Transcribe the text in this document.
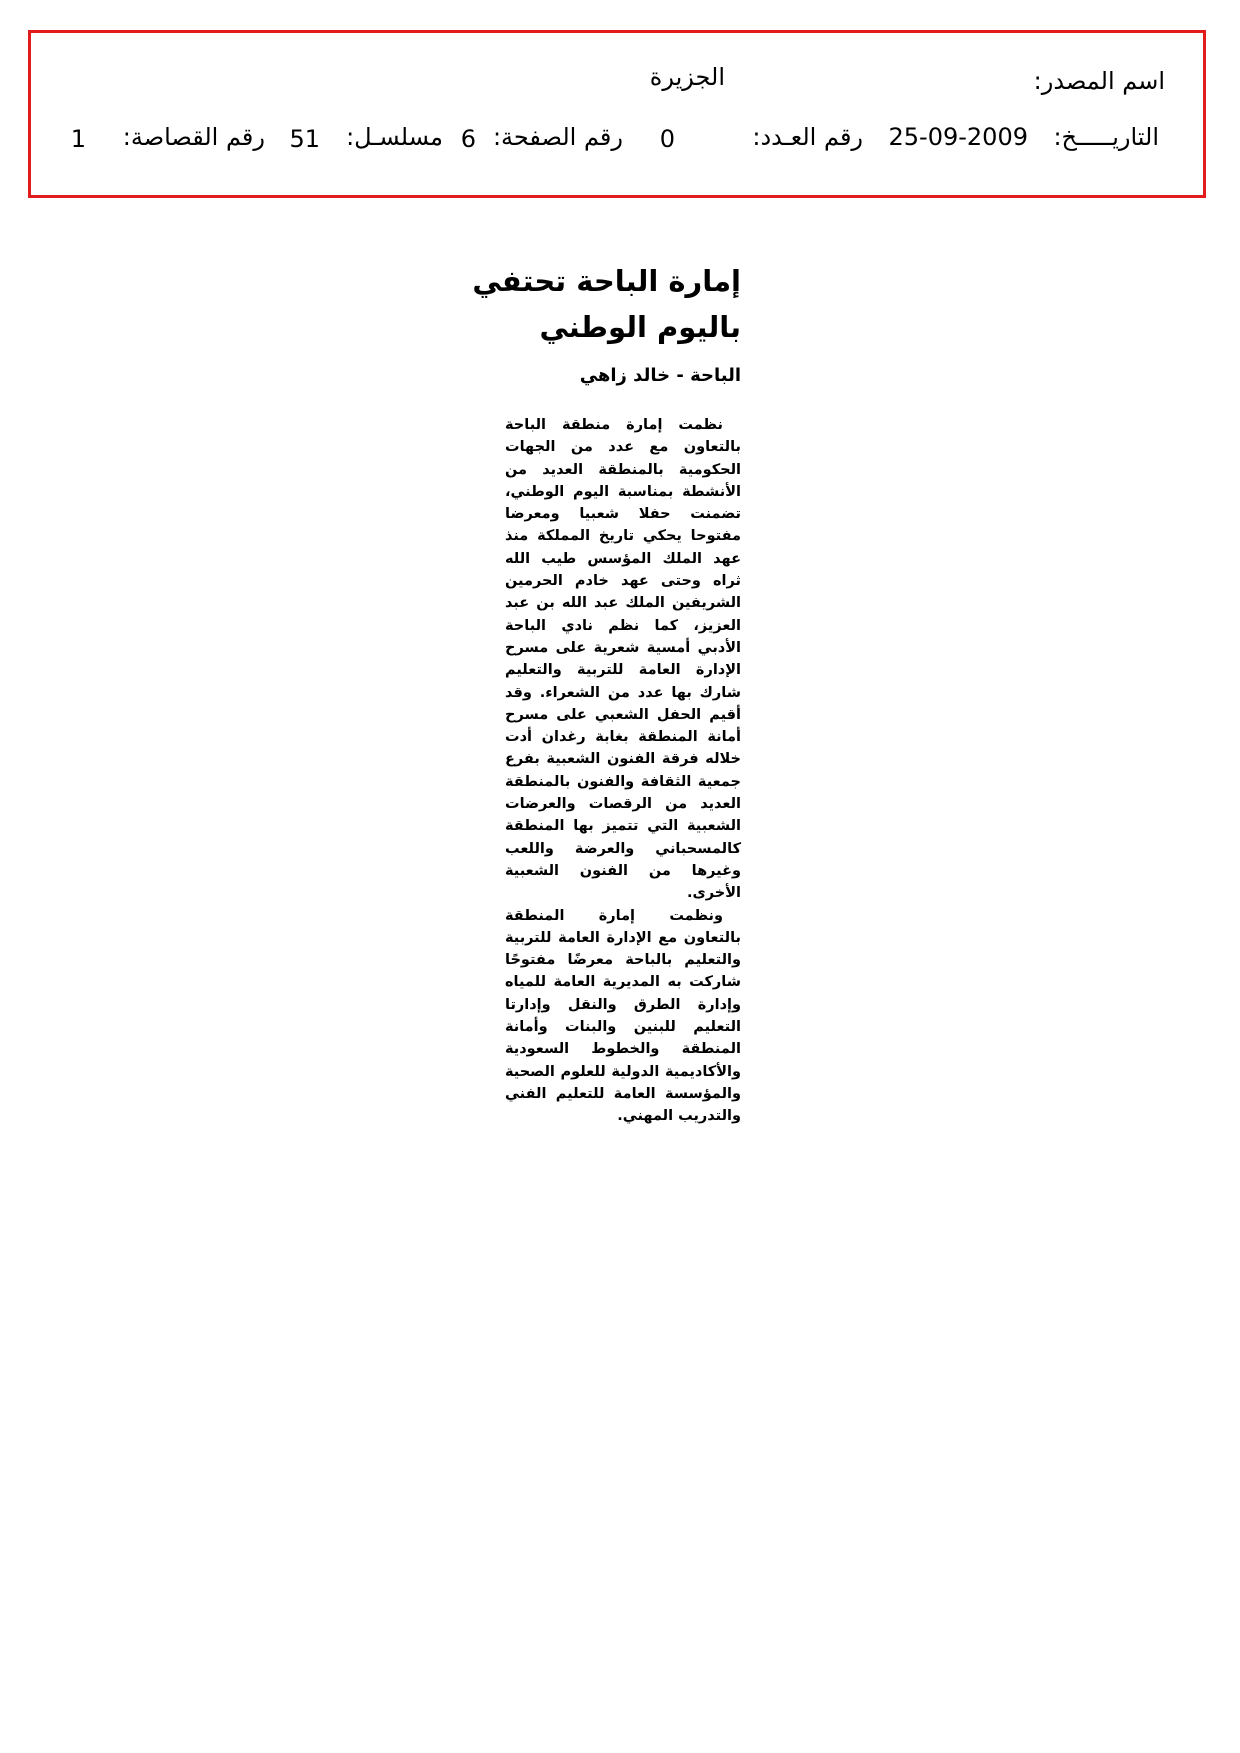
اسم المصدر:
الجزيرة
التاريـــــخ:
25-09-2009
رقم العـدد:
0
رقم الصفحة:
6
مسلسـل:
51
رقم القصاصة:
1
إمارة الباحة تحتفي
باليوم الوطني
الباحة - خالد زاهي

نظمت إمارة منطقة الباحة بالتعاون مع عدد من الجهات الحكومية بالمنطقة العديد من الأنشطة بمناسبة اليوم الوطني، تضمنت حفلا شعبيا ومعرضا مفتوحا يحكي تاريخ المملكة منذ عهد الملك المؤسس طيب الله ثراه وحتى عهد خادم الحرمين الشريفين الملك عبد الله بن عبد العزيز، كما نظم نادي الباحة الأدبي أمسية شعرية على مسرح الإدارة العامة للتربية والتعليم شارك بها عدد من الشعراء. وقد أقيم الحفل الشعبي على مسرح أمانة المنطقة بغابة رغدان أدت خلاله فرقة الفنون الشعبية بفرع جمعية الثقافة والفنون بالمنطقة العديد من الرقصات والعرضات الشعبية التي تتميز بها المنطقة كالمسحباني والعرضة واللعب وغيرها من الفنون الشعبية الأخرى.

ونظمت إمارة المنطقة بالتعاون مع الإدارة العامة للتربية والتعليم بالباحة معرضًا مفتوحًا شاركت به المديرية العامة للمياه وإدارة الطرق والنقل وإدارتا التعليم للبنين والبنات وأمانة المنطقة والخطوط السعودية والأكاديمية الدولية للعلوم الصحية والمؤسسة العامة للتعليم الفني والتدريب المهني.
